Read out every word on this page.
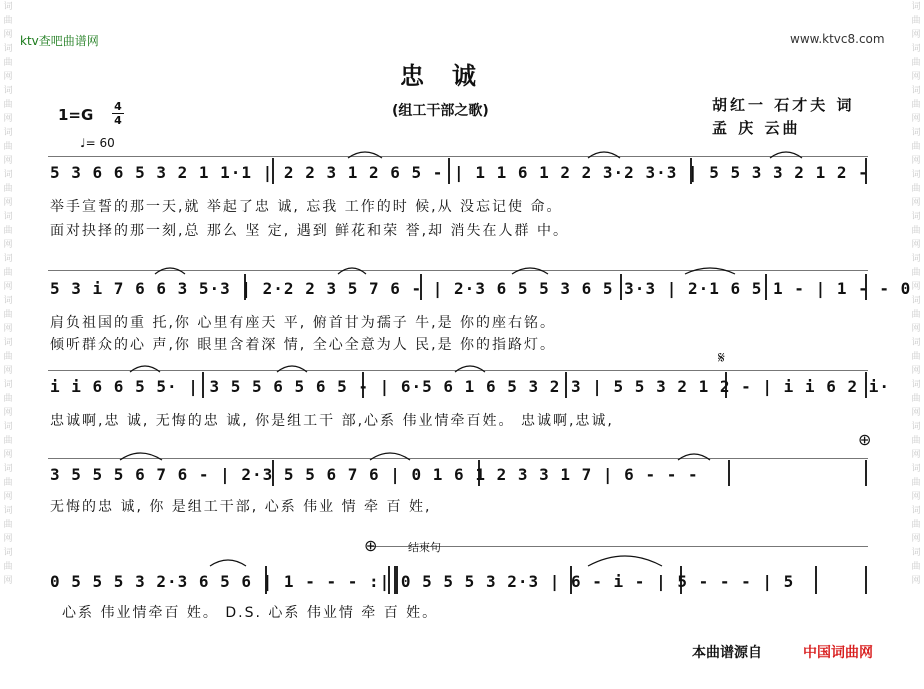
词曲网词曲网词曲网词曲网词曲网词曲网词曲网词曲网词曲网词曲网词曲网词曲网词曲网词曲网
词曲网词曲网词曲网词曲网词曲网词曲网词曲网词曲网词曲网词曲网词曲网词曲网词曲网词曲网
ktv查吧曲谱网	www.ktvc8.com
忠诚
(组工干部之歌)	胡红一 石才夫 词
孟 庆 云曲
1=G 4
4
♩= 60
5 3 6 6 5 3 2 1 1·1 | 2 2 3 1 2 6 5 - | 1 1 6 1 2 2 3·2 3·3 | 5 5 3 3 2 1 2 -
举手宣誓的那一天,就 举起了忠 诚, 忘我 工作的时 候,从 没忘记使 命。
面对抉择的那一刻,总 那么 坚 定, 遇到 鲜花和荣 誉,却 消失在人群 中。
5 3 i 7 6 6 3 5·3 | 2·2 2 3 5 7 6 - | 2·3 6 5 5 3 6 5 3·3 | 2·1 6 5 1 - | 1 - - 0
肩负祖国的重 托,你 心里有座天 平, 俯首甘为孺子 牛,是 你的座右铭。
倾听群众的心 声,你 眼里含着深 情, 全心全意为人 民,是 你的指路灯。
𝄋
i i 6 6 5 5· | 3 5 5 6 5 6 5 - | 6·5 6 1 6 5 3 2 3 | 5 5 3 2 1 2 - | i i 6 2 i·
忠诚啊,忠 诚, 无悔的忠 诚, 你是组工干 部,心系 伟业情牵百姓。 忠诚啊,忠诚,
⊕
3 5 5 5 6 7 6 - | 2·3 5 5 6 7 6 | 0 1 6 1 2 3 3 1 7 | 6 - - -
无悔的忠 诚, 你 是组工干部, 心系 伟业 情 牵 百 姓,
⊕	结束句
0 5 5 5 3 2·3 6 5 6 | 1 - - - :| 0 5 5 5 3 2·3 | 6 - i - | 5 - - - | 5
心系 伟业情牵百 姓。 D.S. 心系 伟业情 牵 百 姓。
本曲谱源自	中国词曲网
